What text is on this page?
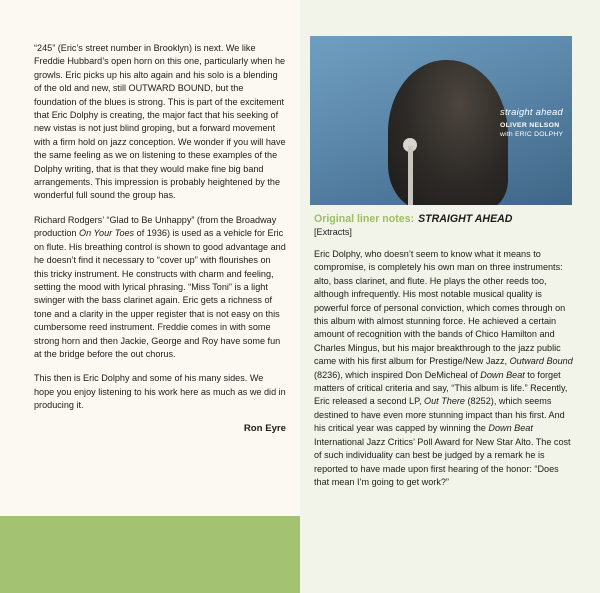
“245” (Eric’s street number in Brooklyn) is next. We like Freddie Hubbard’s open horn on this one, particularly when he growls. Eric picks up his alto again and his solo is a blending of the old and new, still OUTWARD BOUND, but the foundation of the blues is strong. This is part of the excitement that Eric Dolphy is creating, the major fact that his seeking of new vistas is not just blind groping, but a forward movement with a firm hold on jazz conception. We wonder if you will have the same feeling as we on listening to these examples of the Dolphy writing, that is that they would make fine big band arrangements. This impression is probably heightened by the wonderful full sound the group has.

Richard Rodgers’ “Glad to Be Unhappy” (from the Broadway production On Your Toes of 1936) is used as a vehicle for Eric on flute. His breathing control is shown to good advantage and he doesn’t find it necessary to “cover up” with flourishes on this tricky instrument. He constructs with charm and feeling, setting the mood with lyrical phrasing. “Miss Toni” is a light swinger with the bass clarinet again. Eric gets a richness of tone and a clarity in the upper register that is not easy on this cumbersome reed instrument. Freddie comes in with some strong horn and then Jackie, George and Roy have some fun at the bridge before the out chorus.

This then is Eric Dolphy and some of his many sides. We hope you enjoy listening to his work here as much as we did in producing it.

Ron Eyre
straight ahead
OLIVER NELSON
with ERIC DOLPHY
Original liner notes: STRAIGHT AHEAD
[Extracts]

Eric Dolphy, who doesn’t seem to know what it means to compromise, is completely his own man on three instruments: alto, bass clarinet, and flute. He plays the other reeds too, although infrequently. His most notable musical quality is powerful force of personal conviction, which comes through on this album with almost stunning force. He achieved a certain amount of recognition with the bands of Chico Hamilton and Charles Mingus, but his major breakthrough to the jazz public came with his first album for Prestige/New Jazz, Outward Bound (8236), which inspired Don DeMicheal of Down Beat to forget matters of critical criteria and say, “This album is life.” Recently, Eric released a second LP, Out There (8252), which seems destined to have even more stunning impact than his first. And his critical year was capped by winning the Down Beat International Jazz Critics’ Poll Award for New Star Alto. The cost of such individuality can best be judged by a remark he is reported to have made upon first hearing of the honor: “Does that mean I’m going to get work?”
